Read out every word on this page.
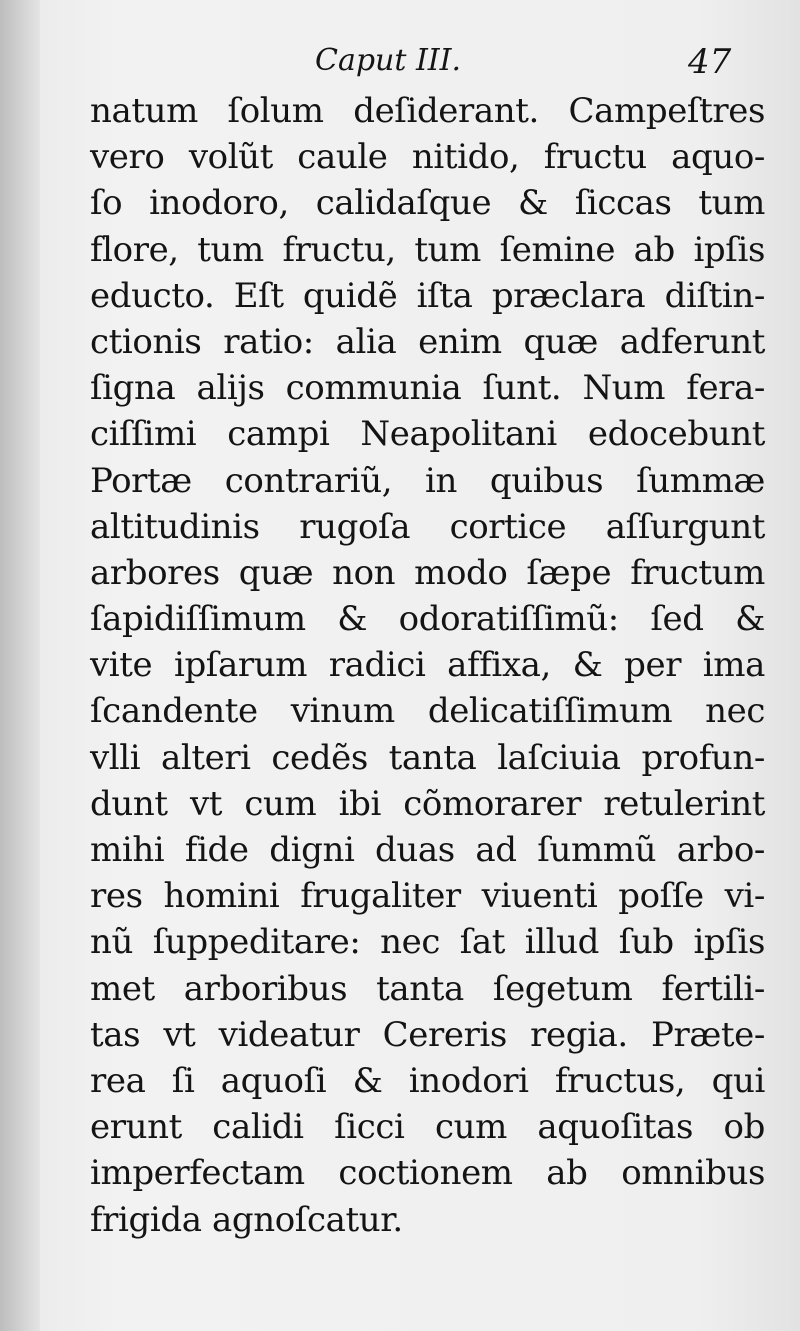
Caput III.	47
natum ſolum deſiderant. Campeſtres
vero volũt caule nitido, fructu aquo-
ſo inodoro, calidaſque & ſiccas tum
flore, tum fructu, tum ſemine ab ipſis
educto. Eſt quidẽ iſta præclara diſtin-
ctionis ratio: alia enim quæ adferunt
ſigna alijs communia ſunt. Num fera-
ciſſimi campi Neapolitani edocebunt
Portæ contrariũ, in quibus ſummæ
altitudinis rugoſa cortice aſſurgunt
arbores quæ non modo ſæpe fructum
ſapidiſſimum & odoratiſſimũ: ſed &
vite ipſarum radici affixa, & per ima
ſcandente vinum delicatiſſimum nec
vlli alteri cedẽs tanta laſciuia profun-
dunt vt cum ibi cõmorarer retulerint
mihi fide digni duas ad ſummũ arbo-
res homini frugaliter viuenti poſſe vi-
nũ ſuppeditare: nec ſat illud ſub ipſis
met arboribus tanta ſegetum fertili-
tas vt videatur Cereris regia. Præte-
rea ſi aquoſi & inodori fructus, qui
erunt calidi ſicci cum aquoſitas ob
imperfectam coctionem ab omnibus
frigida agnoſcatur.
